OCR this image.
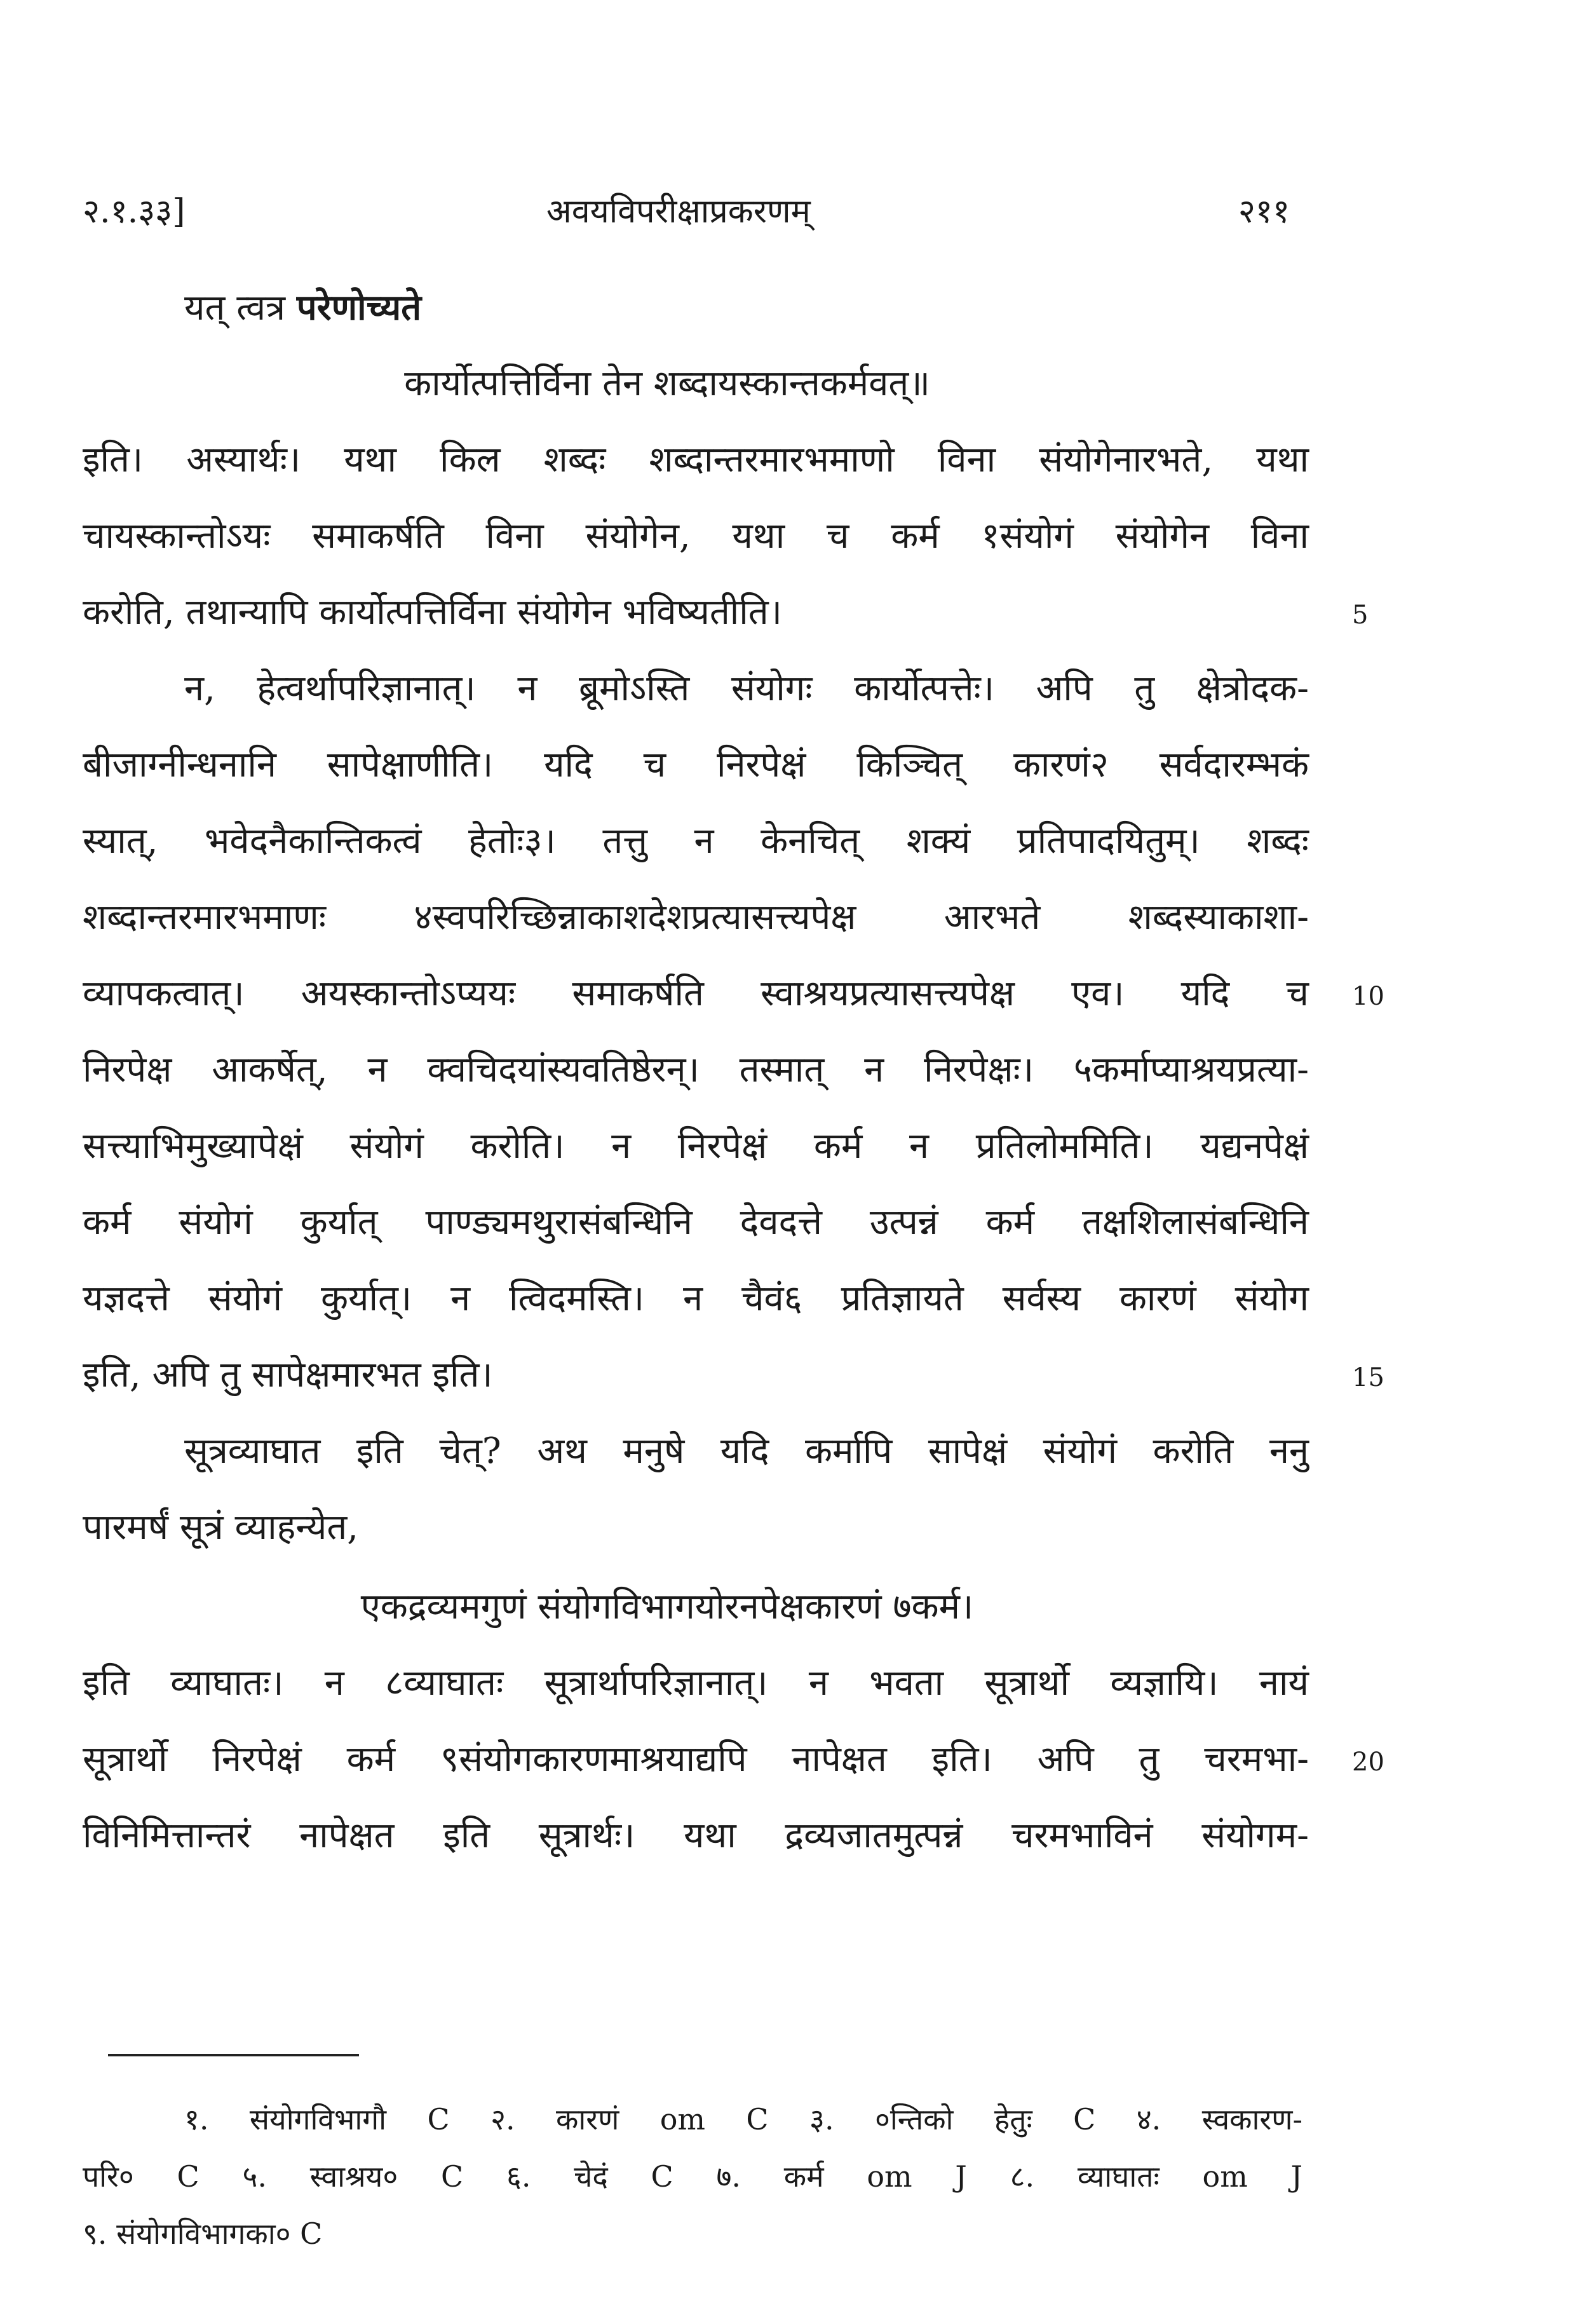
२.१.३३]	अवयविपरीक्षाप्रकरणम्	२११
यत् त्वत्र परेणोच्यते
कार्योत्पत्तिर्विना तेन शब्दायस्कान्तकर्मवत्॥
इति। अस्यार्थः। यथा किल शब्दः शब्दान्तरमारभमाणो विना संयोगेनारभते, यथा
चायस्कान्तोऽयः समाकर्षति विना संयोगेन, यथा च कर्म १संयोगं संयोगेन विना
करोति, तथान्यापि कार्योत्पत्तिर्विना संयोगेन भविष्यतीति।
न, हेत्वर्थापरिज्ञानात्। न ब्रूमोऽस्ति संयोगः कार्योत्पत्तेः। अपि तु क्षेत्रोदक-
बीजाग्नीन्धनानि सापेक्षाणीति। यदि च निरपेक्षं किञ्चित् कारणं२ सर्वदारम्भकं
स्यात्, भवेदनैकान्तिकत्वं हेतोः३। तत्तु न केनचित् शक्यं प्रतिपादयितुम्। शब्दः
शब्दान्तरमारभमाणः ४स्वपरिच्छिन्नाकाशदेशप्रत्यासत्त्यपेक्ष आरभते शब्दस्याकाशा-
व्यापकत्वात्। अयस्कान्तोऽप्ययः समाकर्षति स्वाश्रयप्रत्यासत्त्यपेक्ष एव। यदि च
निरपेक्ष आकर्षेत्, न क्वचिदयांस्यवतिष्ठेरन्। तस्मात् न निरपेक्षः। ५कर्माप्याश्रयप्रत्या-
सत्त्याभिमुख्यापेक्षं संयोगं करोति। न निरपेक्षं कर्म न प्रतिलोममिति। यद्यनपेक्षं
कर्म संयोगं कुर्यात् पाण्ड्यमथुरासंबन्धिनि देवदत्ते उत्पन्नं कर्म तक्षशिलासंबन्धिनि
यज्ञदत्ते संयोगं कुर्यात्। न त्विदमस्ति। न चैवं६ प्रतिज्ञायते सर्वस्य कारणं संयोग
इति, अपि तु सापेक्षमारभत इति।
सूत्रव्याघात इति चेत्? अथ मनुषे यदि कर्मापि सापेक्षं संयोगं करोति ननु
पारमर्षं सूत्रं व्याहन्येत,
एकद्रव्यमगुणं संयोगविभागयोरनपेक्षकारणं ७कर्म।
इति व्याघातः। न ८व्याघातः सूत्रार्थापरिज्ञानात्। न भवता सूत्रार्थो व्यज्ञायि। नायं
सूत्रार्थो निरपेक्षं कर्म ९संयोगकारणमाश्रयाद्यपि नापेक्षत इति। अपि तु चरमभा-
विनिमित्तान्तरं नापेक्षत इति सूत्रार्थः। यथा द्रव्यजातमुत्पन्नं चरमभाविनं संयोगम-
5
10
15
20
१. संयोगविभागौ C २. कारणं om C ३. ०न्तिको हेतुः C ४. स्वकारण-
परि० C ५. स्वाश्रय० C ६. चेदं C ७. कर्म om J ८. व्याघातः om J
९. संयोगविभागका० C
